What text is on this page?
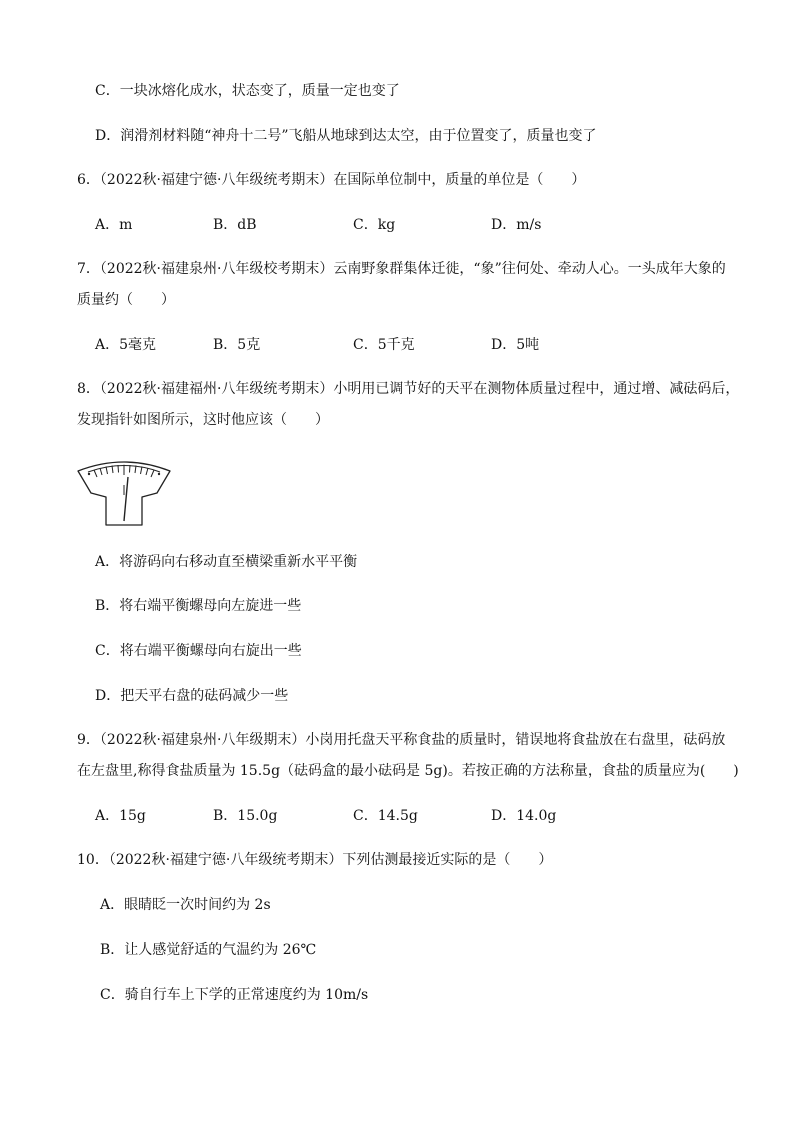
C．一块冰熔化成水，状态变了，质量一定也变了
D．润滑剂材料随“神舟十二号”飞船从地球到达太空，由于位置变了，质量也变了
6．（2022秋·福建宁德·八年级统考期末）在国际单位制中，质量的单位是（　　）
A．m	B．dB	C．kg	D．m/s
7．（2022秋·福建泉州·八年级校考期末）云南野象群集体迁徙，“象”往何处、牵动人心。一头成年大象的
质量约（　　）
A．5毫克	B．5克	C．5千克	D．5吨
8．（2022秋·福建福州·八年级统考期末）小明用已调节好的天平在测物体质量过程中，通过增、减砝码后，
发现指针如图所示，这时他应该（　　）
A．将游码向右移动直至横梁重新水平平衡
B．将右端平衡螺母向左旋进一些
C．将右端平衡螺母向右旋出一些
D．把天平右盘的砝码减少一些
9．（2022秋·福建泉州·八年级期末）小岗用托盘天平称食盐的质量时，错误地将食盐放在右盘里，砝码放
在左盘里,称得食盐质量为 15.5g（砝码盒的最小砝码是 5g)。若按正确的方法称量，食盐的质量应为(　　)
A．15g	B．15.0g	C．14.5g	D．14.0g
10．（2022秋·福建宁德·八年级统考期末）下列估测最接近实际的是（　　）
A．眼睛眨一次时间约为 2s
B．让人感觉舒适的气温约为 26℃
C．骑自行车上下学的正常速度约为 10m/s
